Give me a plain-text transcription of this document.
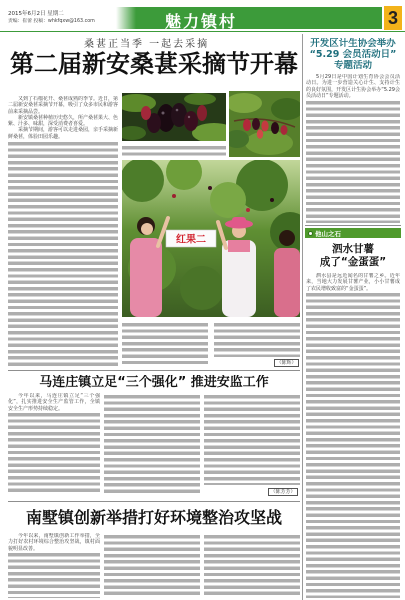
2015年6月2日 星期二
责编：崔蕾 投稿：whkfqxw@163.com	魅力镇村	3
桑葚正当季 一起去采摘
第二届新安桑葚采摘节开幕

又到了石榴花开、桑葚成熟的季节。近日，第二届新安桑葚采摘节开幕，吸引了众多市民和游客前来采摘品尝。

新安镇桑葚种植历史悠久，所产桑葚果大、色紫、汁多、味甜，深受消费者喜爱。

采摘节期间，游客可以走进桑园，亲手采摘新鲜桑葚，体验田园乐趣。

红果二
（陈辉）
马连庄镇立足“三个强化” 推进安监工作

今年以来，马连庄镇立足“三个强化”，扎实推进安全生产监管工作，全镇安全生产形势持续稳定。

（陈芳芳）
南墅镇创新举措打好环境整治攻坚战

今年以来，南墅镇创新工作举措，全力打好农村环境综合整治攻坚战，镇村面貌明显改善。

开发区计生协会举办
“5.29 会员活动日”
专题活动

5月29日是中国计划生育协会会员活动日。为进一步营造关心计生、支持计生的良好氛围，开发区计生协会举办“5.29会员活动日”专题活动。

他山之石
泗水甘薯
成了“金蛋蛋”

泗水县是远近闻名的甘薯之乡。近年来，当地大力发展甘薯产业，小小甘薯成了农民增收致富的“金蛋蛋”。
